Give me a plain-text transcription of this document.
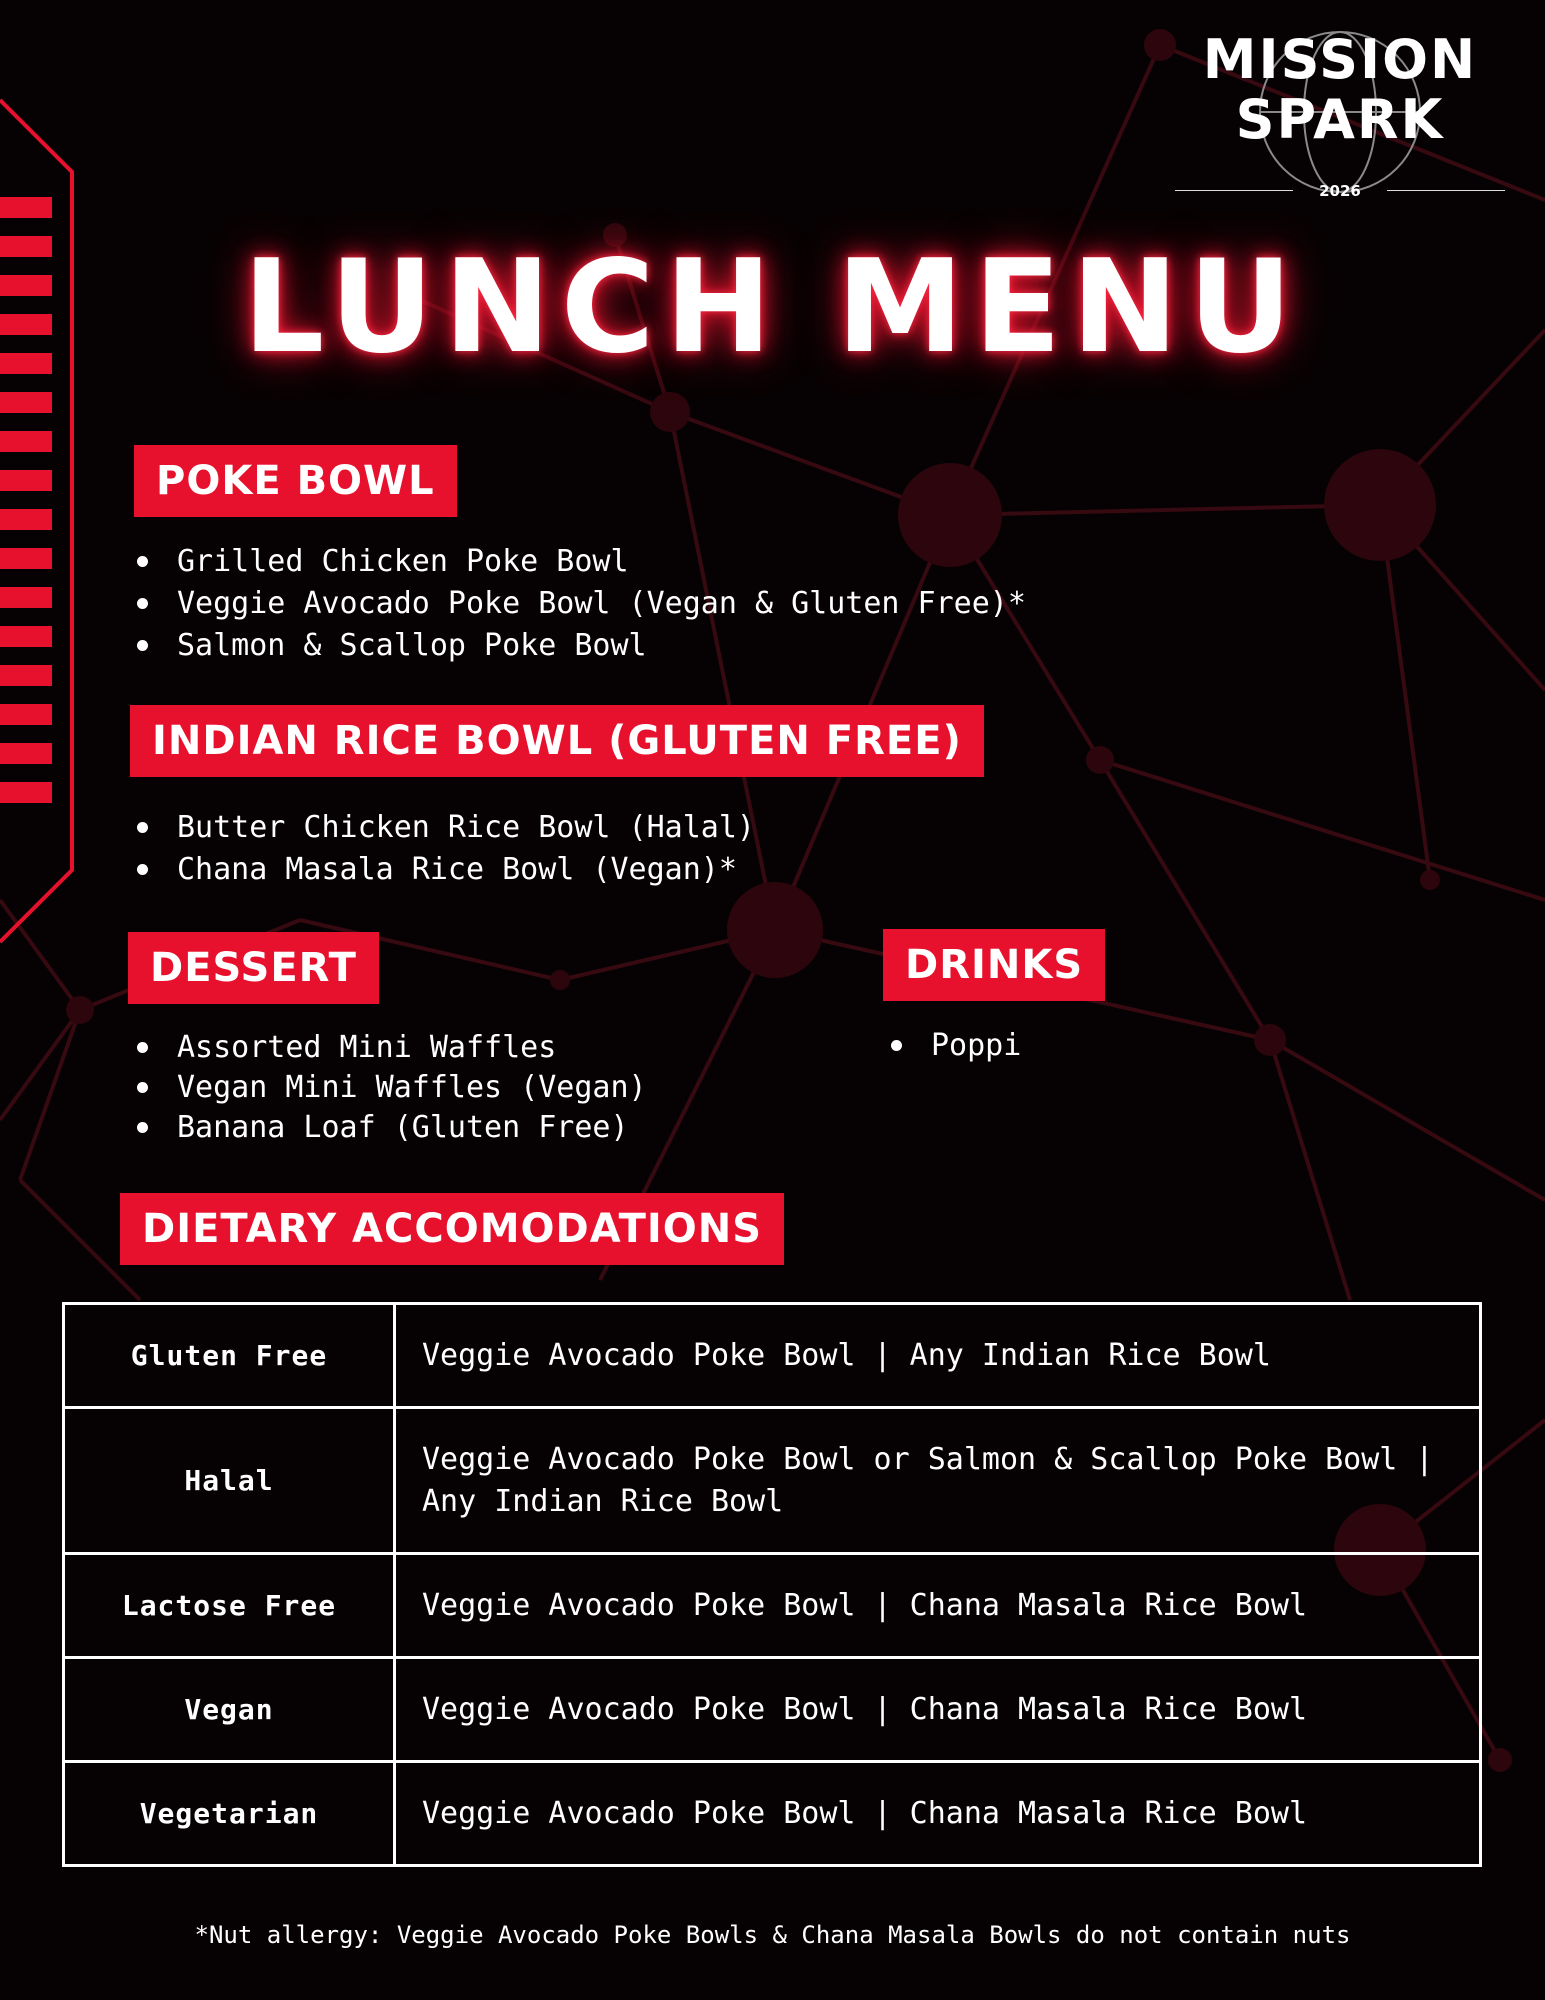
MISSION
SPARK
2026
LUNCH MENU
POKE BOWL
Grilled Chicken Poke Bowl
Veggie Avocado Poke Bowl (Vegan & Gluten Free)*
Salmon & Scallop Poke Bowl
INDIAN RICE BOWL (GLUTEN FREE)
Butter Chicken Rice Bowl (Halal)
Chana Masala Rice Bowl (Vegan)*
DESSERT
Assorted Mini Waffles
Vegan Mini Waffles (Vegan)
Banana Loaf (Gluten Free)
DRINKS
Poppi
DIETARY ACCOMODATIONS
Gluten Free	Veggie Avocado Poke Bowl | Any Indian Rice Bowl
Halal	Veggie Avocado Poke Bowl or Salmon & Scallop Poke Bowl | Any Indian Rice Bowl
Lactose Free	Veggie Avocado Poke Bowl | Chana Masala Rice Bowl
Vegan	Veggie Avocado Poke Bowl | Chana Masala Rice Bowl
Vegetarian	Veggie Avocado Poke Bowl | Chana Masala Rice Bowl
*Nut allergy: Veggie Avocado Poke Bowls & Chana Masala Bowls do not contain nuts
